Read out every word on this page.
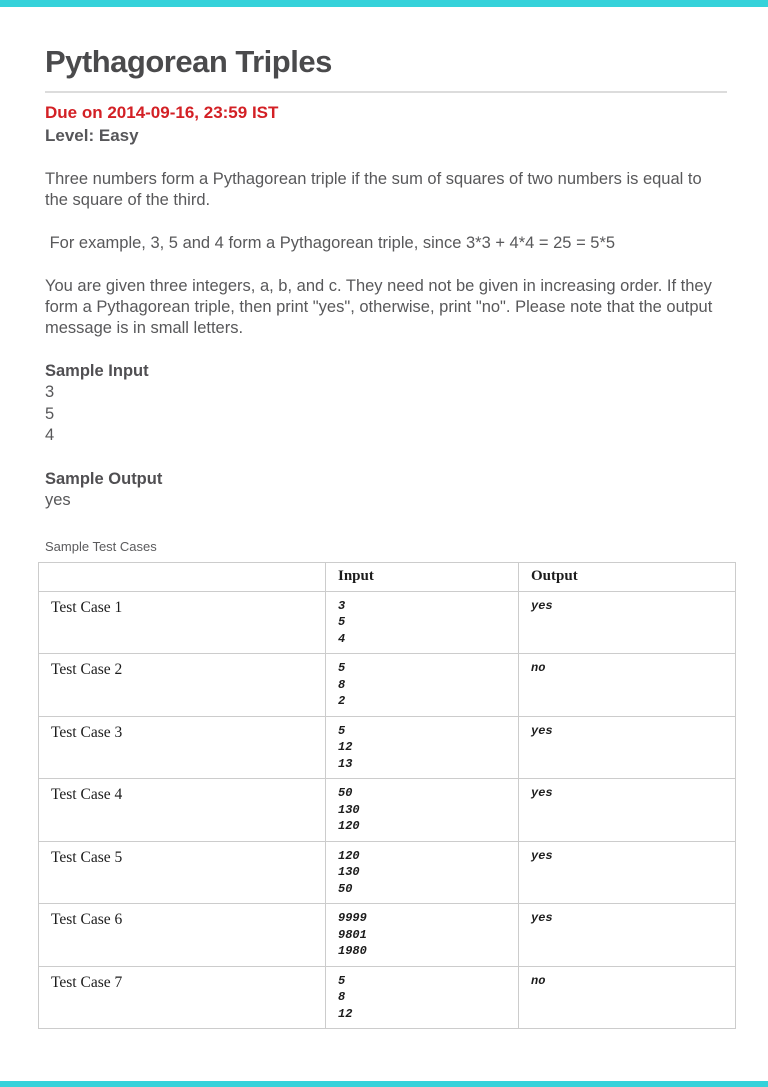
Pythagorean Triples
Due on 2014-09-16, 23:59 IST
Level: Easy

Three numbers form a Pythagorean triple if the sum of squares of two numbers is equal to the square of the third.

For example, 3, 5 and 4 form a Pythagorean triple, since 3*3 + 4*4 = 25 = 5*5

You are given three integers, a, b, and c. They need not be given in increasing order. If they form a Pythagorean triple, then print "yes", otherwise, print "no". Please note that the output message is in small letters.

Sample Input
3
5
4
Sample Output
yes
Sample Test Cases
	Input	Output
Test Case 1	3
5
4	yes
Test Case 2	5
8
2	no
Test Case 3	5
12
13	yes
Test Case 4	50
130
120	yes
Test Case 5	120
130
50	yes
Test Case 6	9999
9801
1980	yes
Test Case 7	5
8
12	no
